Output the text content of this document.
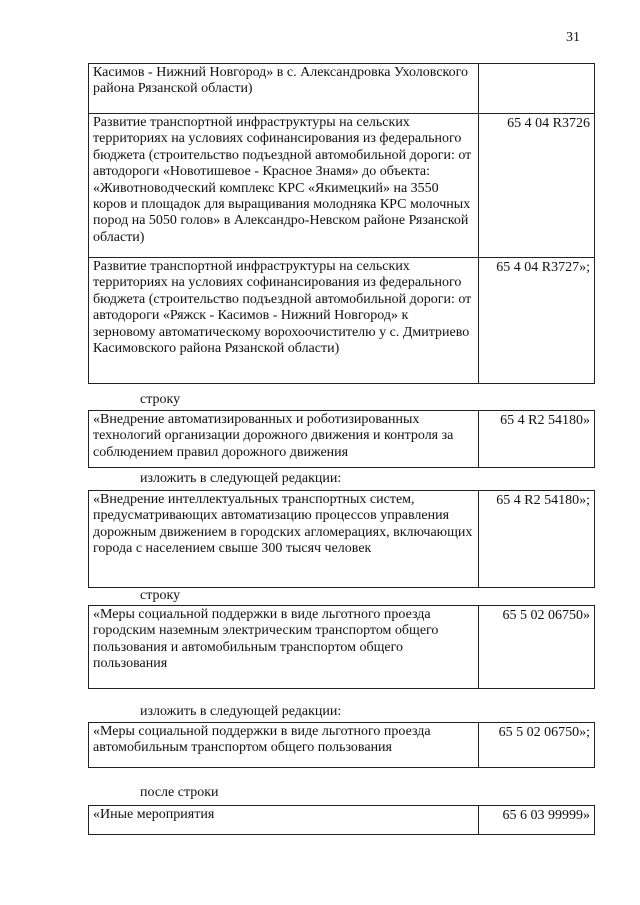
31
Касимов - Нижний Новгород» в с. Александровка Ухоловского района Рязанской области)
Развитие транспортной инфраструктуры на сельских территориях на условиях софинансирования из федерального бюджета (строительство подъездной автомобильной дороги: от автодороги «Новотишевое - Красное Знамя» до объекта: «Животноводческий комплекс КРС «Якимецкий» на 3550 коров и площадок для выращивания молодняка КРС молочных пород на 5050 голов» в Александро-Невском районе Рязанской области)
65 4 04 R3726
Развитие транспортной инфраструктуры на сельских территориях на условиях софинансирования из федерального бюджета (строительство подъездной автомобильной дороги: от автодороги «Ряжск - Касимов - Нижний Новгород» к зерновому автоматическому ворохоочистителю у с. Дмитриево Касимовского района Рязанской области)
65 4 04 R3727»;
строку
«Внедрение автоматизированных и роботизированных технологий организации дорожного движения и контроля за соблюдением правил дорожного движения
65 4 R2 54180»
изложить в следующей редакции:
«Внедрение интеллектуальных транспортных систем, предусматривающих автоматизацию процессов управления дорожным движением в городских агломерациях, включающих города с населением свыше 300 тысяч человек
65 4 R2 54180»;
строку
«Меры социальной поддержки в виде льготного проезда городским наземным электрическим транспортом общего пользования и автомобильным транспортом общего пользования
65 5 02 06750»
изложить в следующей редакции:
«Меры социальной поддержки в виде льготного проезда автомобильным транспортом общего пользования
65 5 02 06750»;
после строки
«Иные мероприятия	65 6 03 99999»
